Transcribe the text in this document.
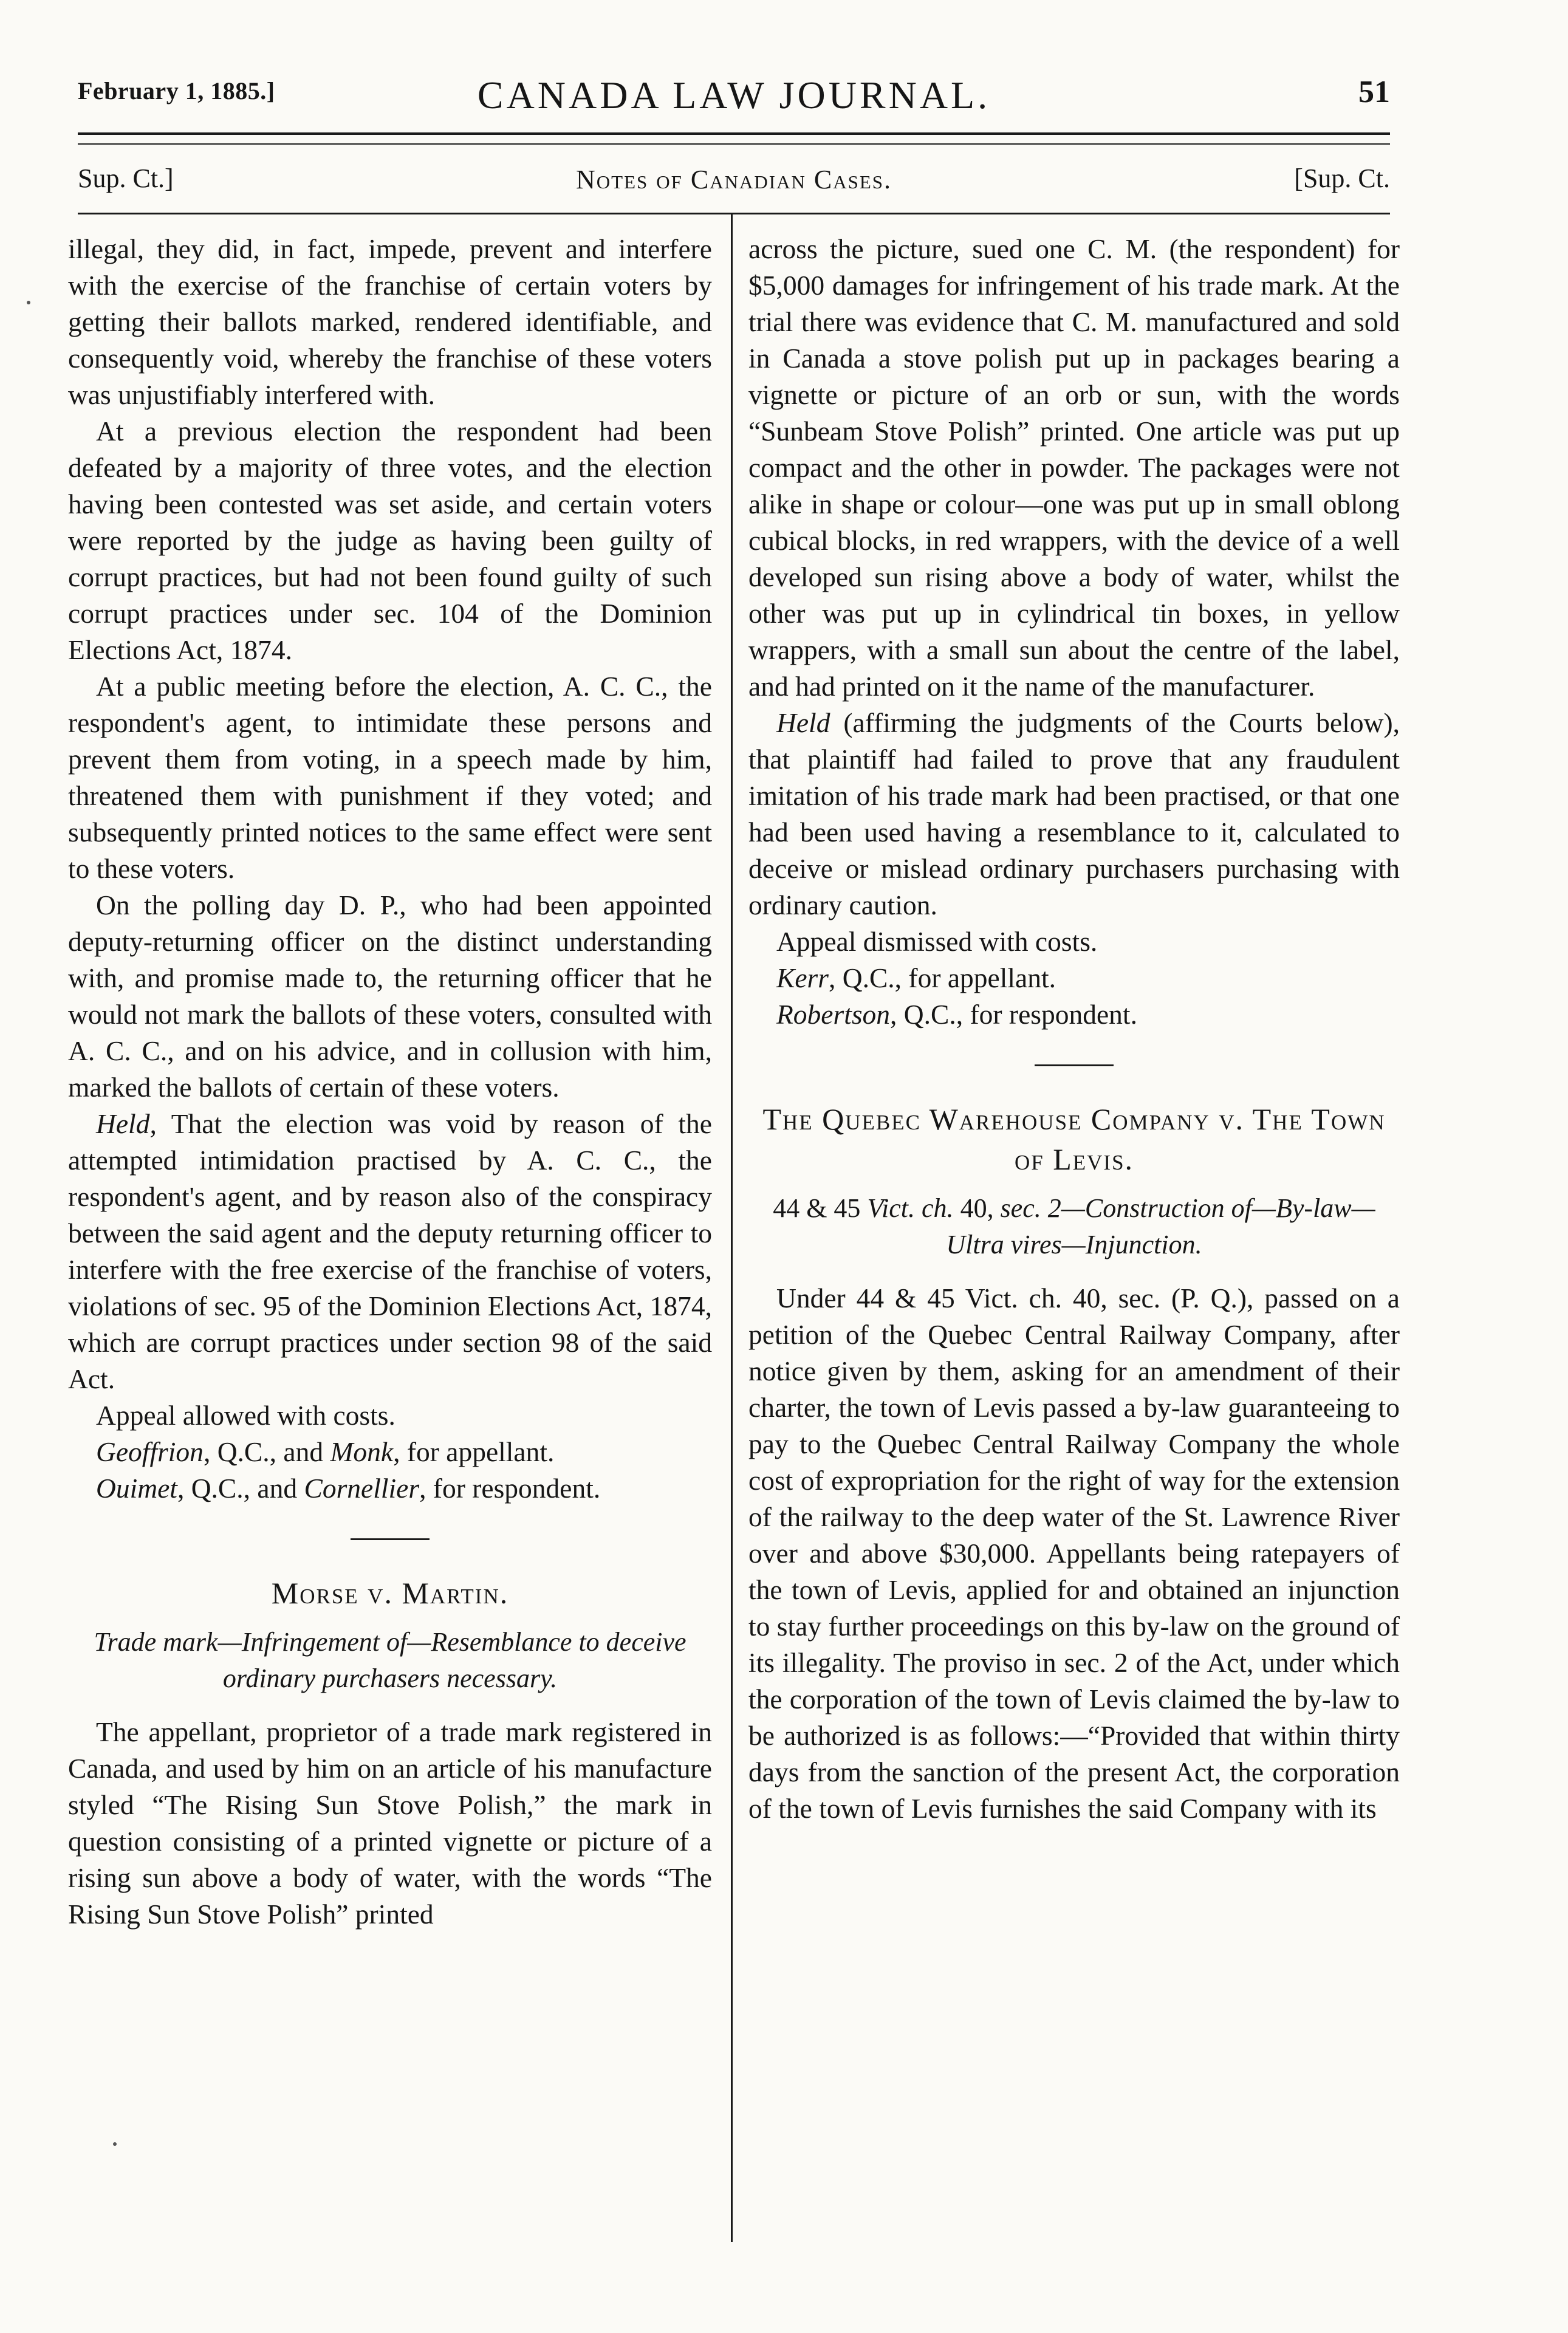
February 1, 1885.]	CANADA LAW JOURNAL.	51
Sup. Ct.]	Notes of Canadian Cases.	[Sup. Ct.

illegal, they did, in fact, impede, prevent and interfere with the exercise of the franchise of certain voters by getting their ballots marked, rendered identifiable, and consequently void, whereby the franchise of these voters was unjustifiably interfered with.

At a previous election the respondent had been defeated by a majority of three votes, and the election having been contested was set aside, and certain voters were reported by the judge as having been guilty of corrupt practices, but had not been found guilty of such corrupt practices under sec. 104 of the Dominion Elections Act, 1874.

At a public meeting before the election, A. C. C., the respondent's agent, to intimidate these persons and prevent them from voting, in a speech made by him, threatened them with punishment if they voted; and subsequently printed notices to the same effect were sent to these voters.

On the polling day D. P., who had been appointed deputy-returning officer on the distinct understanding with, and promise made to, the returning officer that he would not mark the ballots of these voters, consulted with A. C. C., and on his advice, and in collusion with him, marked the ballots of certain of these voters.

Held, That the election was void by reason of the attempted intimidation practised by A. C. C., the respondent's agent, and by reason also of the conspiracy between the said agent and the deputy returning officer to interfere with the free exercise of the franchise of voters, violations of sec. 95 of the Dominion Elections Act, 1874, which are corrupt practices under section 98 of the said Act.

Appeal allowed with costs.

Geoffrion, Q.C., and Monk, for appellant.

Ouimet, Q.C., and Cornellier, for respondent.

Morse v. Martin.
Trade mark—Infringement of—Resemblance to deceive ordinary purchasers necessary.

The appellant, proprietor of a trade mark registered in Canada, and used by him on an article of his manufacture styled “The Rising Sun Stove Polish,” the mark in question consisting of a printed vignette or picture of a rising sun above a body of water, with the words “The Rising Sun Stove Polish” printed

across the picture, sued one C. M. (the respondent) for $5,000 damages for infringement of his trade mark. At the trial there was evidence that C. M. manufactured and sold in Canada a stove polish put up in packages bearing a vignette or picture of an orb or sun, with the words “Sunbeam Stove Polish” printed. One article was put up compact and the other in powder. The packages were not alike in shape or colour—one was put up in small oblong cubical blocks, in red wrappers, with the device of a well developed sun rising above a body of water, whilst the other was put up in cylindrical tin boxes, in yellow wrappers, with a small sun about the centre of the label, and had printed on it the name of the manufacturer.

Held (affirming the judgments of the Courts below), that plaintiff had failed to prove that any fraudulent imitation of his trade mark had been practised, or that one had been used having a resemblance to it, calculated to deceive or mislead ordinary purchasers purchasing with ordinary caution.

Appeal dismissed with costs.

Kerr, Q.C., for appellant.

Robertson, Q.C., for respondent.

The Quebec Warehouse Company v. The Town of Levis.
44 & 45 Vict. ch. 40, sec. 2—Construction of—By-law—Ultra vires—Injunction.

Under 44 & 45 Vict. ch. 40, sec. (P. Q.), passed on a petition of the Quebec Central Railway Company, after notice given by them, asking for an amendment of their charter, the town of Levis passed a by-law guaranteeing to pay to the Quebec Central Railway Company the whole cost of expropriation for the right of way for the extension of the railway to the deep water of the St. Lawrence River over and above $30,000. Appellants being ratepayers of the town of Levis, applied for and obtained an injunction to stay further proceedings on this by-law on the ground of its illegality. The proviso in sec. 2 of the Act, under which the corporation of the town of Levis claimed the by-law to be authorized is as follows:—“Provided that within thirty days from the sanction of the present Act, the corporation of the town of Levis furnishes the said Company with its
